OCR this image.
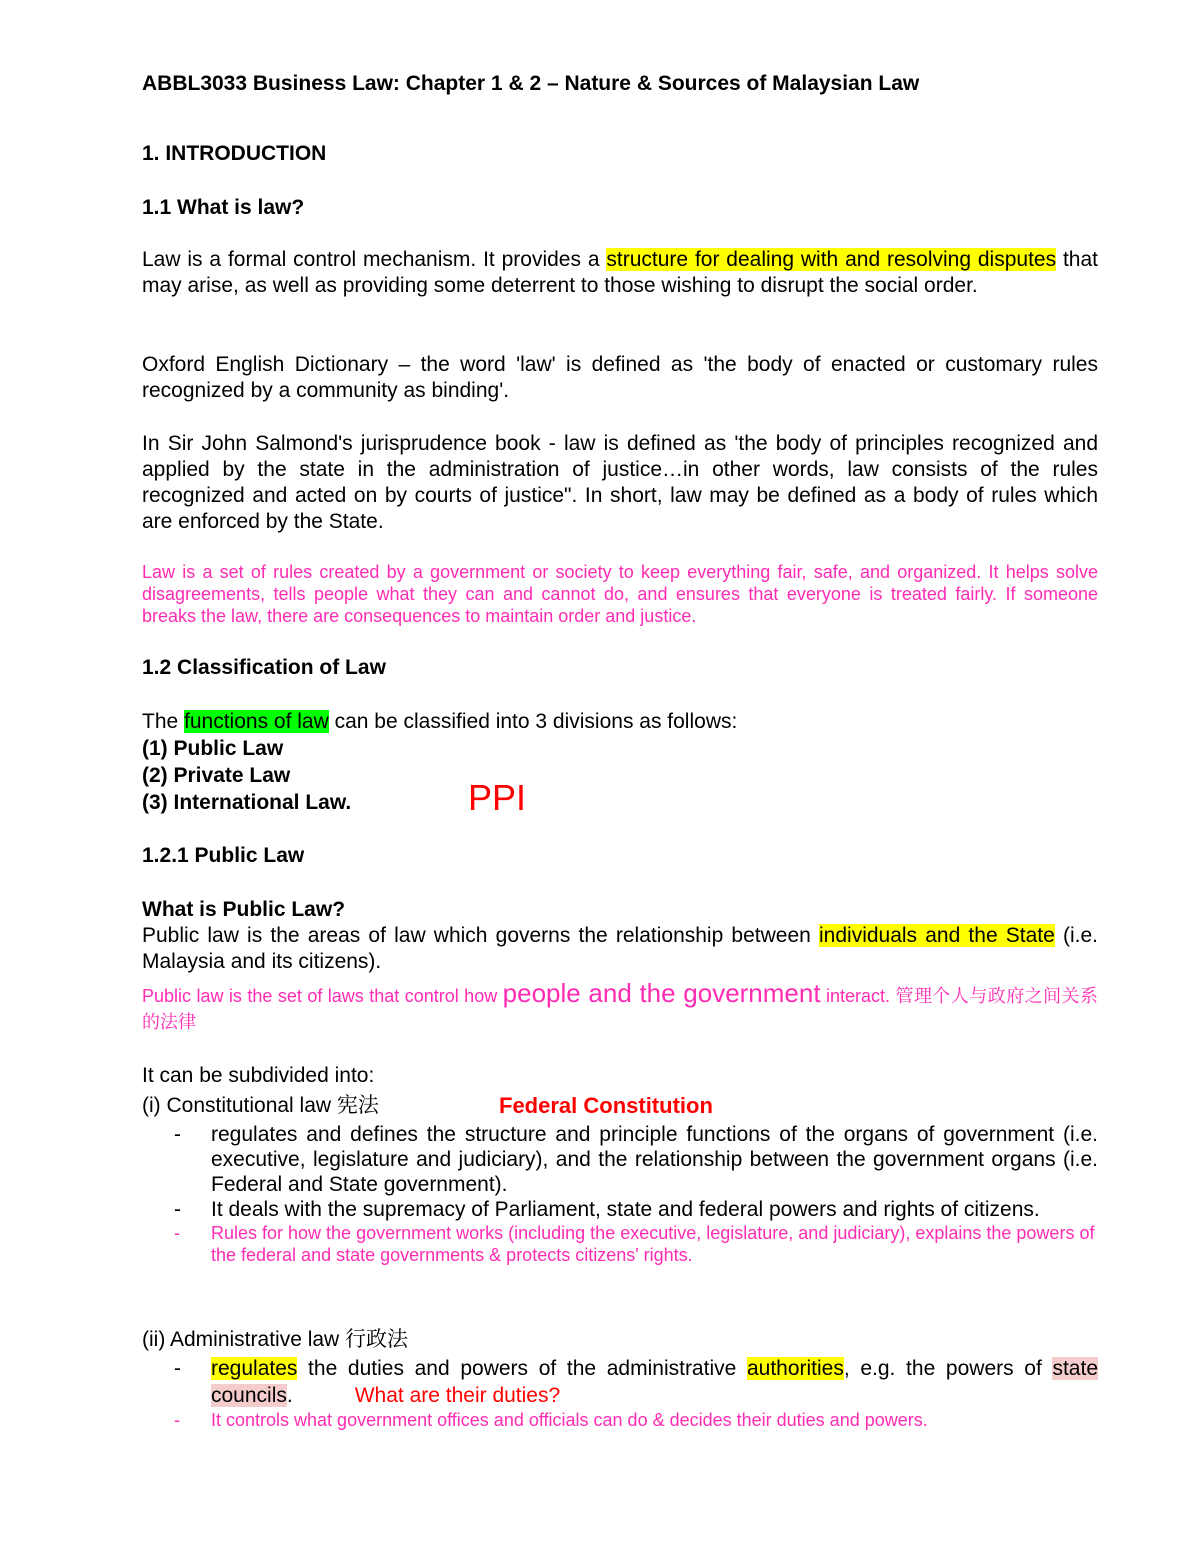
ABBL3033 Business Law: Chapter 1 & 2 – Nature & Sources of Malaysian Law
1. INTRODUCTION
1.1 What is law?
Law is a formal control mechanism. It provides a structure for dealing with and resolving disputes that may arise, as well as providing some deterrent to those wishing to disrupt the social order.
Oxford English Dictionary – the word 'law' is defined as 'the body of enacted or customary rules recognized by a community as binding'.
In Sir John Salmond's jurisprudence book - law is defined as 'the body of principles recognized and applied by the state in the administration of justice…in other words, law consists of the rules recognized and acted on by courts of justice". In short, law may be defined as a body of rules which are enforced by the State.
Law is a set of rules created by a government or society to keep everything fair, safe, and organized. It helps solve disagreements, tells people what they can and cannot do, and ensures that everyone is treated fairly. If someone breaks the law, there are consequences to maintain order and justice.
1.2 Classification of Law
The functions of law can be classified into 3 divisions as follows:
(1) Public Law
(2) Private Law
(3) International Law.	PPI
1.2.1 Public Law
What is Public Law?
Public law is the areas of law which governs the relationship between individuals and the State (i.e. Malaysia and its citizens).
Public law is the set of laws that control how people and the government interact. 管理个人与政府之间关系的法律
It can be subdivided into:
(i) Constitutional law 宪法	Federal Constitution
- regulates and defines the structure and principle functions of the organs of government (i.e. executive, legislature and judiciary), and the relationship between the government organs (i.e. Federal and State government).
- It deals with the supremacy of Parliament, state and federal powers and rights of citizens.
- Rules for how the government works (including the executive, legislature, and judiciary), explains the powers of the federal and state governments & protects citizens' rights.
(ii) Administrative law 行政法
- regulates the duties and powers of the administrative authorities, e.g. the powers of state councils.	What are their duties?
- It controls what government offices and officials can do & decides their duties and powers.
